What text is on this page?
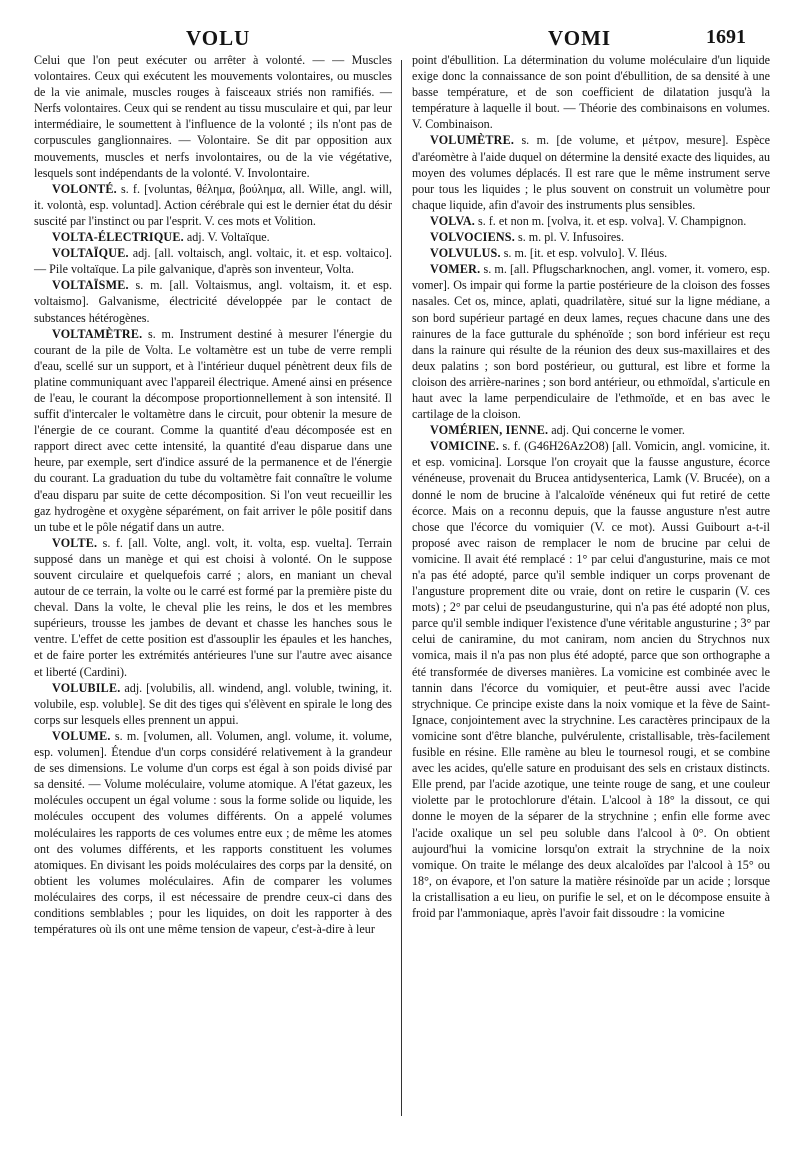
VOLU	VOMI	1691

Celui que l'on peut exécuter ou arrêter à volonté. — — Muscles volontaires. Ceux qui exécutent les mouvements volontaires, ou muscles de la vie animale, muscles rouges à faisceaux striés non ramifiés. — Nerfs volontaires. Ceux qui se rendent au tissu musculaire et qui, par leur intermédiaire, le soumettent à l'influence de la volonté ; ils n'ont pas de corpuscules ganglionnaires. — Volontaire. Se dit par opposition aux mouvements, muscles et nerfs involontaires, ou de la vie végétative, lesquels sont indépendants de la volonté. V. Involontaire.

VOLONTÉ. s. f. [voluntas, θέλημα, βούλημα, all. Wille, angl. will, it. volontà, esp. voluntad]. Action cérébrale qui est le dernier état du désir suscité par l'instinct ou par l'esprit. V. ces mots et Volition.

VOLTA-ÉLECTRIQUE. adj. V. Voltaïque.

VOLTAÏQUE. adj. [all. voltaisch, angl. voltaic, it. et esp. voltaico]. — Pile voltaïque. La pile galvanique, d'après son inventeur, Volta.

VOLTAÏSME. s. m. [all. Voltaismus, angl. voltaism, it. et esp. voltaismo]. Galvanisme, électricité développée par le contact de substances hétérogènes.

VOLTAMÈTRE. s. m. Instrument destiné à mesurer l'énergie du courant de la pile de Volta. Le voltamètre est un tube de verre rempli d'eau, scellé sur un support, et à l'intérieur duquel pénètrent deux fils de platine communiquant avec l'appareil électrique. Amené ainsi en présence de l'eau, le courant la décompose proportionnellement à son intensité. Il suffit d'intercaler le voltamètre dans le circuit, pour obtenir la mesure de l'énergie de ce courant. Comme la quantité d'eau décomposée est en rapport direct avec cette intensité, la quantité d'eau disparue dans une heure, par exemple, sert d'indice assuré de la permanence et de l'énergie du courant. La graduation du tube du voltamètre fait connaître le volume d'eau disparu par suite de cette décomposition. Si l'on veut recueillir les gaz hydrogène et oxygène séparément, on fait arriver le pôle positif dans un tube et le pôle négatif dans un autre.

VOLTE. s. f. [all. Volte, angl. volt, it. volta, esp. vuelta]. Terrain supposé dans un manège et qui est choisi à volonté. On le suppose souvent circulaire et quelquefois carré ; alors, en maniant un cheval autour de ce terrain, la volte ou le carré est formé par la première piste du cheval. Dans la volte, le cheval plie les reins, le dos et les membres supérieurs, trousse les jambes de devant et chasse les hanches sous le ventre. L'effet de cette position est d'assouplir les épaules et les hanches, et de faire porter les extrémités antérieures l'une sur l'autre avec aisance et liberté (Cardini).

VOLUBILE. adj. [volubilis, all. windend, angl. voluble, twining, it. volubile, esp. voluble]. Se dit des tiges qui s'élèvent en spirale le long des corps sur lesquels elles prennent un appui.

VOLUME. s. m. [volumen, all. Volumen, angl. volume, it. volume, esp. volumen]. Étendue d'un corps considéré relativement à la grandeur de ses dimensions. Le volume d'un corps est égal à son poids divisé par sa densité. — Volume moléculaire, volume atomique. A l'état gazeux, les molécules occupent un égal volume : sous la forme solide ou liquide, les molécules occupent des volumes différents. On a appelé volumes moléculaires les rapports de ces volumes entre eux ; de même les atomes ont des volumes différents, et les rapports constituent les volumes atomiques. En divisant les poids moléculaires des corps par la densité, on obtient les volumes moléculaires. Afin de comparer les volumes moléculaires des corps, il est nécessaire de prendre ceux-ci dans des conditions semblables ; pour les liquides, on doit les rapporter à des températures où ils ont une même tension de vapeur, c'est-à-dire à leur

point d'ébullition. La détermination du volume moléculaire d'un liquide exige donc la connaissance de son point d'ébullition, de sa densité à une basse température, et de son coefficient de dilatation jusqu'à la température à laquelle il bout. — Théorie des combinaisons en volumes. V. Combinaison.

VOLUMÈTRE. s. m. [de volume, et μέτρον, mesure]. Espèce d'aréomètre à l'aide duquel on détermine la densité exacte des liquides, au moyen des volumes déplacés. Il est rare que le même instrument serve pour tous les liquides ; le plus souvent on construit un volumètre pour chaque liquide, afin d'avoir des instruments plus sensibles.

VOLVA. s. f. et non m. [volva, it. et esp. volva]. V. Champignon.

VOLVOCIENS. s. m. pl. V. Infusoires.

VOLVULUS. s. m. [it. et esp. volvulo]. V. Iléus.

VOMER. s. m. [all. Pflugscharknochen, angl. vomer, it. vomero, esp. vomer]. Os impair qui forme la partie postérieure de la cloison des fosses nasales. Cet os, mince, aplati, quadrilatère, situé sur la ligne médiane, a son bord supérieur partagé en deux lames, reçues chacune dans une des rainures de la face gutturale du sphénoïde ; son bord inférieur est reçu dans la rainure qui résulte de la réunion des deux sus-maxillaires et des deux palatins ; son bord postérieur, ou guttural, est libre et forme la cloison des arrière-narines ; son bord antérieur, ou ethmoïdal, s'articule en haut avec la lame perpendiculaire de l'ethmoïde, et en bas avec le cartilage de la cloison.

VOMÉRIEN, IENNE. adj. Qui concerne le vomer.

VOMICINE. s. f. (G46H26Az2O8) [all. Vomicin, angl. vomicine, it. et esp. vomicina]. Lorsque l'on croyait que la fausse angusture, écorce vénéneuse, provenait du Brucea antidysenterica, Lamk (V. Brucée), on a donné le nom de brucine à l'alcaloïde vénéneux qui fut retiré de cette écorce. Mais on a reconnu depuis, que la fausse angusture n'est autre chose que l'écorce du vomiquier (V. ce mot). Aussi Guibourt a-t-il proposé avec raison de remplacer le nom de brucine par celui de vomicine. Il avait été remplacé : 1° par celui d'angusturine, mais ce mot n'a pas été adopté, parce qu'il semble indiquer un corps provenant de l'angusture proprement dite ou vraie, dont on retire le cusparin (V. ces mots) ; 2° par celui de pseudangusturine, qui n'a pas été adopté non plus, parce qu'il semble indiquer l'existence d'une véritable angusturine ; 3° par celui de caniramine, du mot caniram, nom ancien du Strychnos nux vomica, mais il n'a pas non plus été adopté, parce que son orthographe a été transformée de diverses manières. La vomicine est combinée avec le tannin dans l'écorce du vomiquier, et peut-être aussi avec l'acide strychnique. Ce principe existe dans la noix vomique et la fève de Saint-Ignace, conjointement avec la strychnine. Les caractères principaux de la vomicine sont d'être blanche, pulvérulente, cristallisable, très-facilement fusible en résine. Elle ramène au bleu le tournesol rougi, et se combine avec les acides, qu'elle sature en produisant des sels en cristaux distincts. Elle prend, par l'acide azotique, une teinte rouge de sang, et une couleur violette par le protochlorure d'étain. L'alcool à 18° la dissout, ce qui donne le moyen de la séparer de la strychnine ; enfin elle forme avec l'acide oxalique un sel peu soluble dans l'alcool à 0°. On obtient aujourd'hui la vomicine lorsqu'on extrait la strychnine de la noix vomique. On traite le mélange des deux alcaloïdes par l'alcool à 15° ou 18°, on évapore, et l'on sature la matière résinoïde par un acide ; lorsque la cristallisation a eu lieu, on purifie le sel, et on le décompose ensuite à froid par l'ammoniaque, après l'avoir fait dissoudre : la vomicine
